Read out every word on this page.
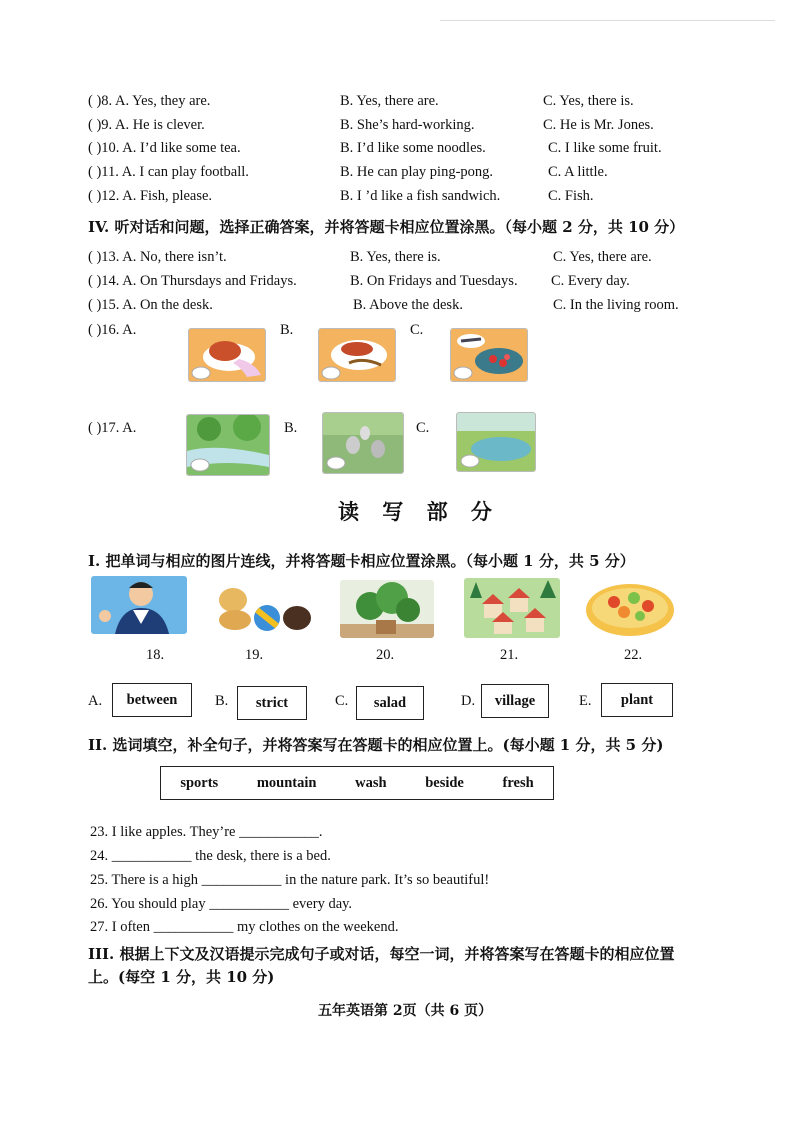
( )8. A. Yes, they are.	B. Yes, there are.	C. Yes, there is.
( )9. A. He is clever.	B. She’s hard-working.	C. He is Mr. Jones.
( )10. A. I’d like some tea.	B. I’d like some noodles.	C. I like some fruit.
( )11. A. I can play football.	B. He can play ping-pong.	C. A little.
( )12. A. Fish, please.	B. I ’d like a fish sandwich.	C. Fish.
IV. 听对话和问题，选择正确答案，并将答题卡相应位置涂黑。（每小题 2 分，共 10 分）
( )13. A. No, there isn’t.	B. Yes, there is.	C. Yes, there are.
( )14. A. On Thursdays and Fridays.	B. On Fridays and Tuesdays. C. Every day.
( )15. A. On the desk.	B. Above the desk.	C. In the living room.
( )16. A.	B.	C.
( )17. A.	B.	C.
读 写 部 分
I. 把单词与相应的图片连线，并将答题卡相应位置涂黑。（每小题 1 分，共 5 分）
18.	19.	20.	21.	22.
A.	between	B.	strict	C.	salad	D.	village	E.	plant
II. 选词填空，补全句子，并将答案写在答题卡的相应位置上。(每小题 1 分，共 5 分)
sports	mountain	wash	beside	fresh
23. I like apples. They’re ___________.
24. ___________ the desk, there is a bed.
25. There is a high ___________ in the nature park. It’s so beautiful!
26. You should play ___________ every day.
27. I often ___________ my clothes on the weekend.
III. 根据上下文及汉语提示完成句子或对话，每空一词，并将答案写在答题卡的相应位置
上。(每空 1 分，共 10 分)
五年英语第 2页（共 6 页）
